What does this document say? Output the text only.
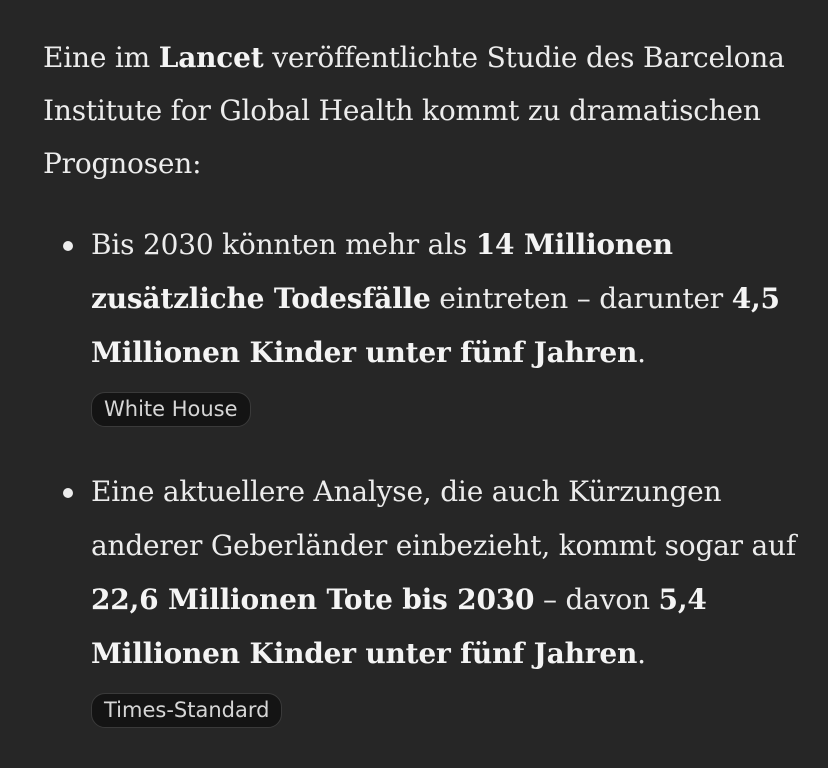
Eine im Lancet veröffentlichte Studie des Barcelona Institute for Global Health kommt zu dramatischen Prognosen:

Bis 2030 könnten mehr als 14 Millionen zusätzliche Todesfälle eintreten – darunter 4,5 Millionen Kinder unter fünf Jahren.

White House

Eine aktuellere Analyse, die auch Kürzungen anderer Geberländer einbezieht, kommt sogar auf 22,6 Millionen Tote bis 2030 – davon 5,4 Millionen Kinder unter fünf Jahren.

Times-Standard
